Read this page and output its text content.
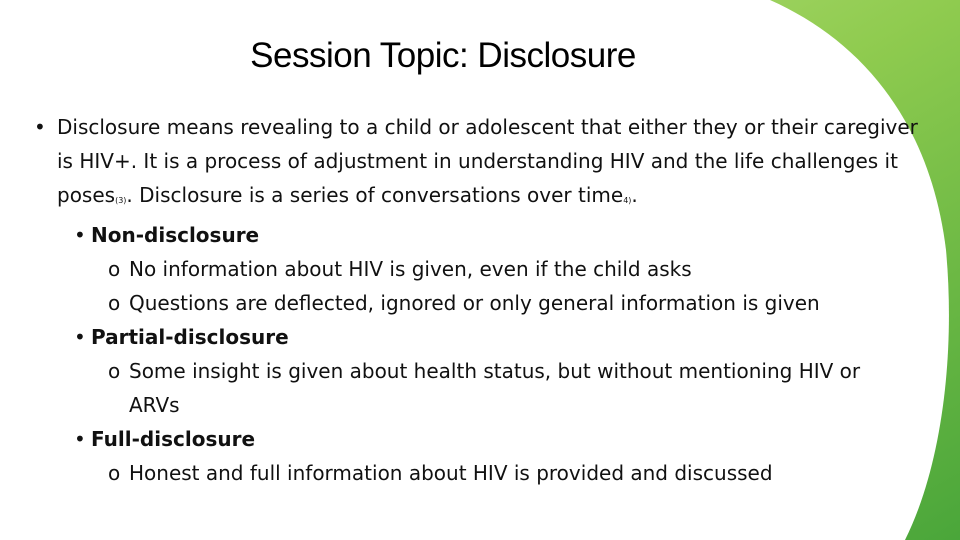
Session Topic: Disclosure
• Disclosure means revealing to a child or adolescent that either they or their caregiver is HIV+. It is a process of adjustment in understanding HIV and the life challenges it poses(3). Disclosure is a series of conversations over time4).
• Non-disclosure
o No information about HIV is given, even if the child asks
o Questions are deflected, ignored or only general information is given
• Partial-disclosure
o Some insight is given about health status, but without mentioning HIV or ARVs
• Full-disclosure
o Honest and full information about HIV is provided and discussed
